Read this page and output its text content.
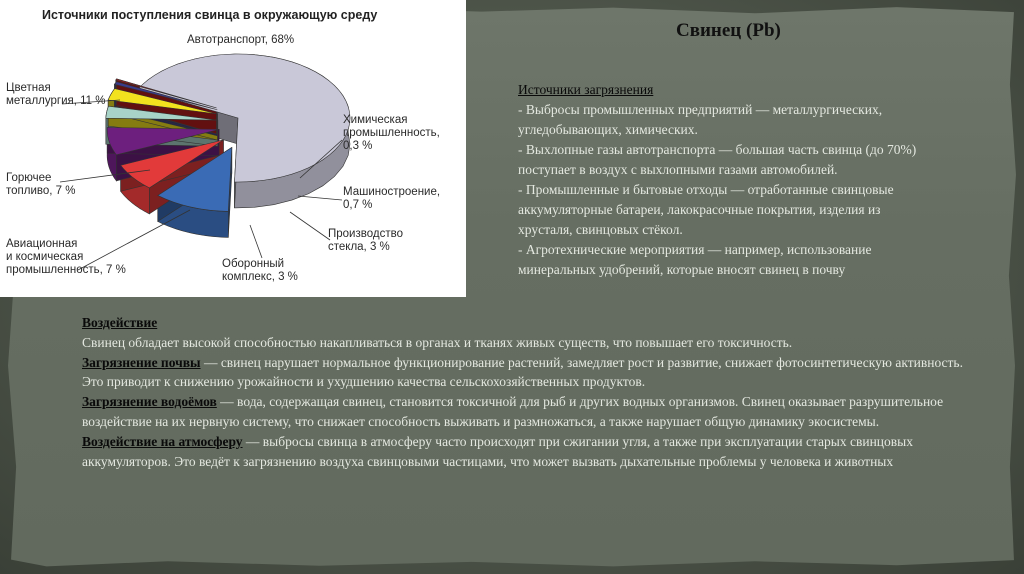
Источники поступления свинца в окружающую среду
Автотранспорт, 68%
Цветная
металлургия, 11 %
Горючее
топливо, 7 %
Авиационная
и космическая
промышленность, 7 %	Оборонный
комплекс, 3 %
Производство
стекла, 3 %
Машиностроение,
0,7 %
Химическая
промышленность,
0,3 %
Свинец (Pb)
Источники загрязнения
- Выбросы промышленных предприятий — металлургических,
угледобывающих, химических.
- Выхлопные газы автотранспорта — большая часть свинца (до 70%)
поступает в воздух с выхлопными газами автомобилей.
- Промышленные и бытовые отходы — отработанные свинцовые
аккумуляторные батареи, лакокрасочные покрытия, изделия из
хрусталя, свинцовых стёкол.
- Агротехнические мероприятия — например, использование
минеральных удобрений, которые вносят свинец в почву

Воздействие

Свинец обладает высокой способностью накапливаться в органах и тканях живых существ, что повышает его токсичность.

Загрязнение почвы — свинец нарушает нормальное функционирование растений, замедляет рост и развитие, снижает фотосинтетическую активность. Это приводит к снижению урожайности и ухудшению качества сельскохозяйственных продуктов.

Загрязнение водоёмов — вода, содержащая свинец, становится токсичной для рыб и других водных организмов. Свинец оказывает разрушительное воздействие на их нервную систему, что снижает способность выживать и размножаться, а также нарушает общую динамику экосистемы.

Воздействие на атмосферу — выбросы свинца в атмосферу часто происходят при сжигании угля, а также при эксплуатации старых свинцовых аккумуляторов. Это ведёт к загрязнению воздуха свинцовыми частицами, что может вызвать дыхательные проблемы у человека и животных
